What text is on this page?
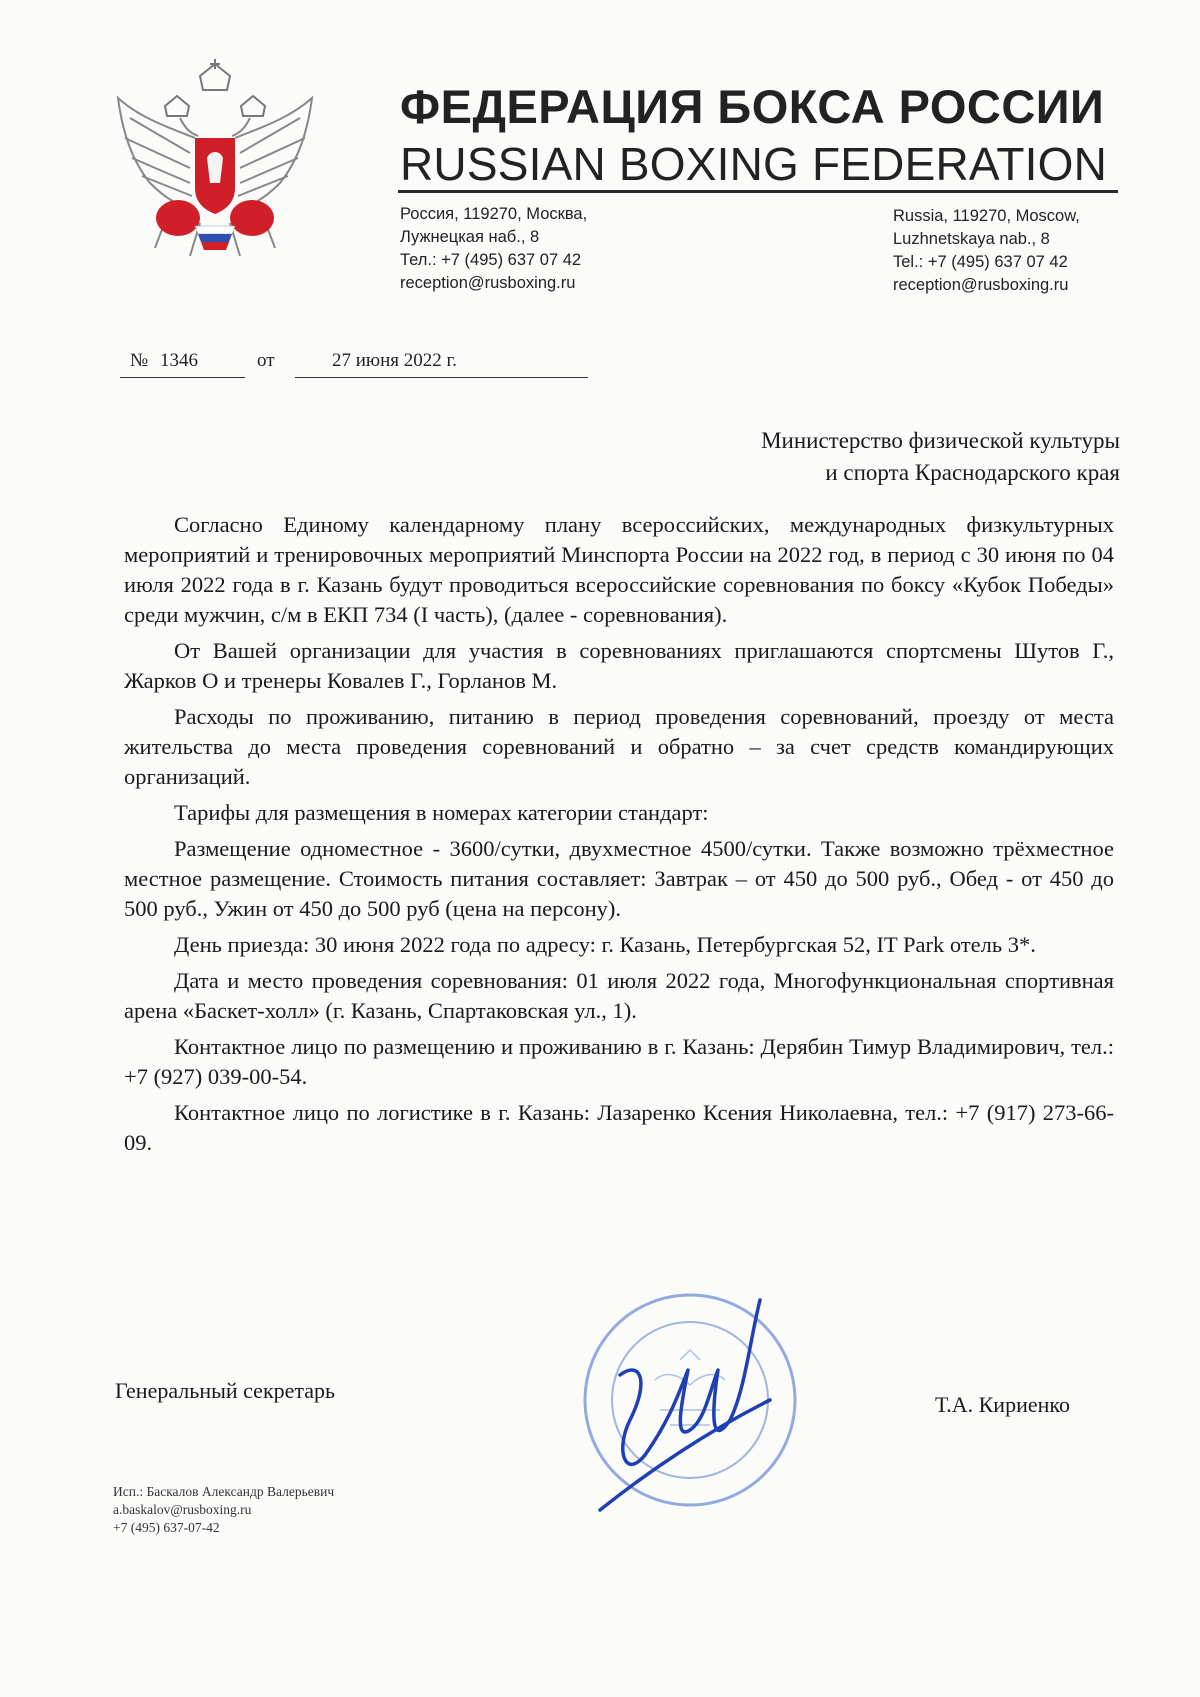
ФЕДЕРАЦИЯ БОКСА РОССИИ
RUSSIAN BOXING FEDERATION
Россия, 119270, Москва,
Лужнецкая наб., 8
Тел.: +7 (495) 637 07 42
reception@rusboxing.ru
Russia, 119270, Moscow,
Luzhnetskaya nab., 8
Tel.: +7 (495) 637 07 42
reception@rusboxing.ru
№ 1346	от	27 июня 2022 г.
Министерство физической культуры
и спорта Краснодарского края

Согласно Единому календарному плану всероссийских, международных физкультурных мероприятий и тренировочных мероприятий Минспорта России на 2022 год, в период с 30 июня по 04 июля 2022 года в г. Казань будут проводиться всероссийские соревнования по боксу «Кубок Победы» среди мужчин, с/м в ЕКП 734 (I часть), (далее - соревнования).

От Вашей организации для участия в соревнованиях приглашаются спортсмены Шутов Г., Жарков О и тренеры Ковалев Г., Горланов М.

Расходы по проживанию, питанию в период проведения соревнований, проезду от места жительства до места проведения соревнований и обратно – за счет средств командирующих организаций.

Тарифы для размещения в номерах категории стандарт:

Размещение одноместное - 3600/сутки, двухместное 4500/сутки. Также возможно трёхместное местное размещение. Стоимость питания составляет: Завтрак – от 450 до 500 руб., Обед - от 450 до 500 руб., Ужин от 450 до 500 руб (цена на персону).

День приезда: 30 июня 2022 года по адресу: г. Казань, Петербургская 52, IT Park отель 3*.

Дата и место проведения соревнования: 01 июля 2022 года, Многофункциональная спортивная арена «Баскет-холл» (г. Казань, Спартаковская ул., 1).

Контактное лицо по размещению и проживанию в г. Казань: Дерябин Тимур Владимирович, тел.: +7 (927) 039-00-54.

Контактное лицо по логистике в г. Казань: Лазаренко Ксения Николаевна, тел.: +7 (917) 273-66-09.

Генеральный секретарь
Т.А. Кириенко
Исп.: Баскалов Александр Валерьевич
a.baskalov@rusboxing.ru
+7 (495) 637-07-42
